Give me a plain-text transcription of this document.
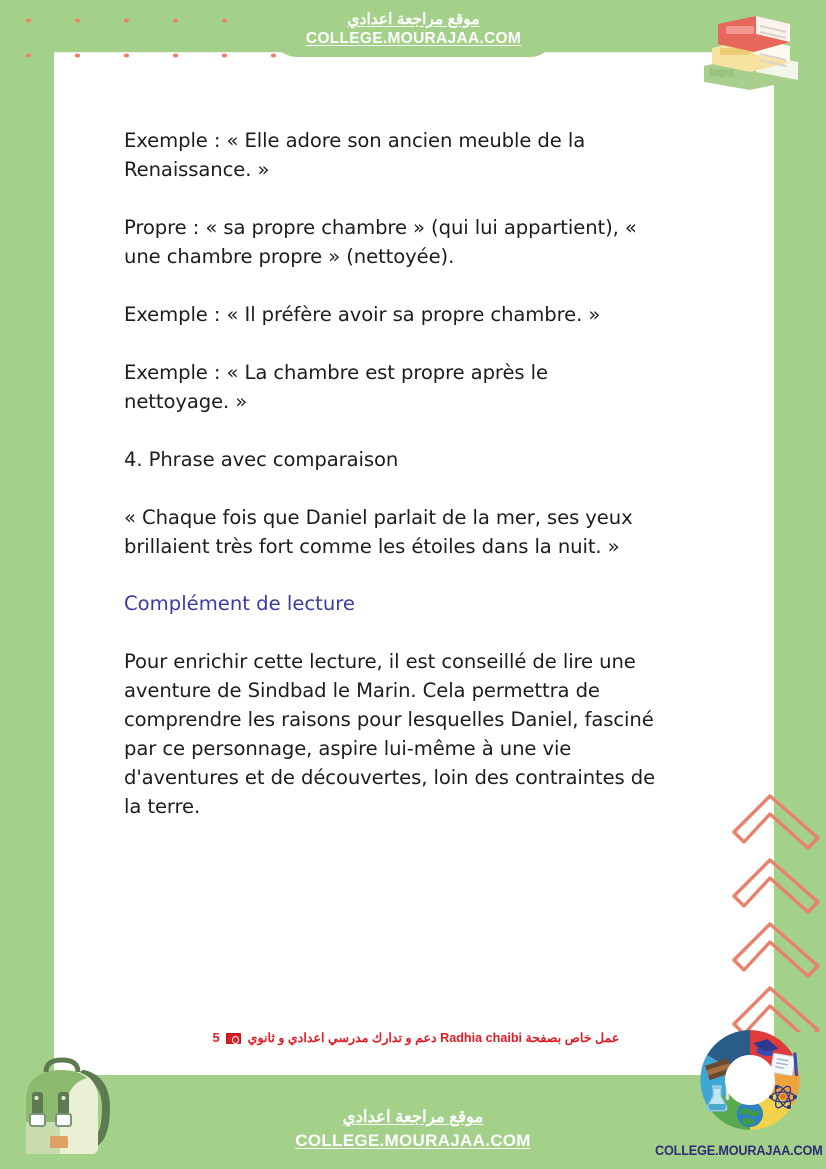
موقع مراجعة اعدادي
COLLEGE.MOURAJAA.COM
عمل خاص بصفحة Radhia chaibi دعم و تدارك مدرسي اعدادي و ثانوي  5
موقع مراجعة اعدادي
COLLEGE.MOURAJAA.COM
COLLEGE.MOURAJAA.COM

Exemple : « Elle adore son ancien meuble de la Renaissance. »

Propre : « sa propre chambre » (qui lui appartient), « une chambre propre » (nettoyée).

Exemple : « Il préfère avoir sa propre chambre. »

Exemple : « La chambre est propre après le nettoyage. »

4. Phrase avec comparaison

« Chaque fois que Daniel parlait de la mer, ses yeux brillaient très fort comme les étoiles dans la nuit. »

Complément de lecture

Pour enrichir cette lecture, il est conseillé de lire une aventure de Sindbad le Marin. Cela permettra de comprendre les raisons pour lesquelles Daniel, fasciné par ce personnage, aspire lui-même à une vie d'aventures et de découvertes, loin des contraintes de la terre.
